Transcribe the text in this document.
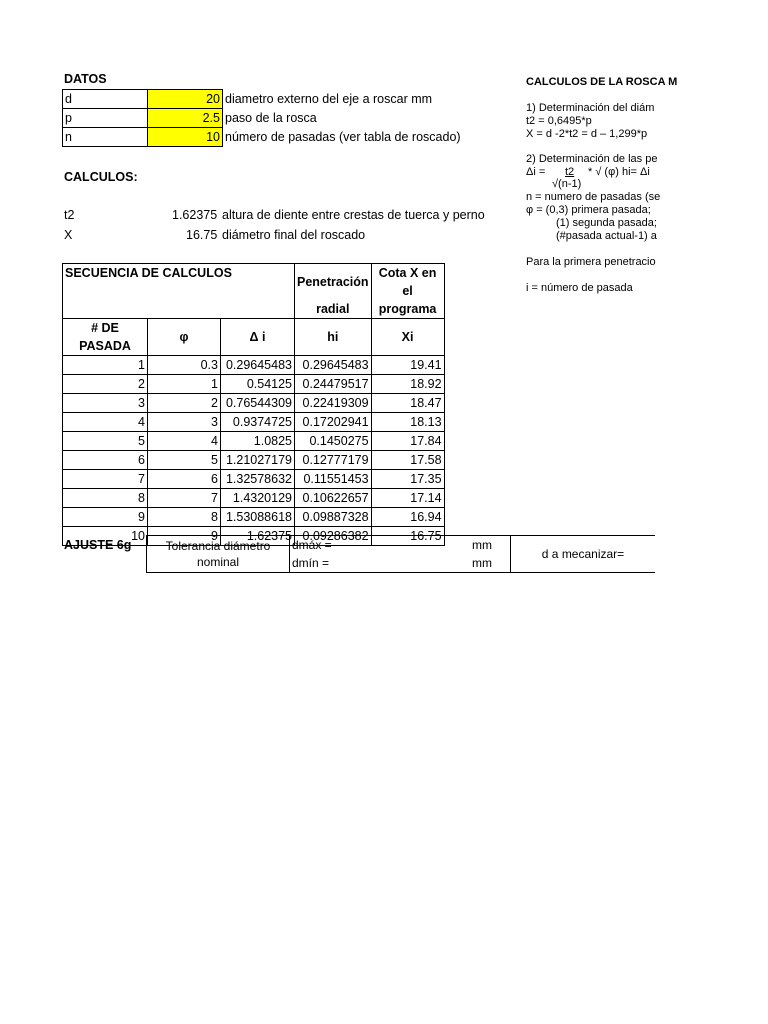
DATOS
d	20	diametro externo del eje a roscar mm
p	2.5	paso de la rosca
n	10	número de pasadas (ver tabla de roscado)
CALCULOS:
t2	1.62375 altura de diente entre crestas de tuerca y perno
X	16.75 diámetro final del roscado
CALCULOS DE LA ROSCA M
1) Determinación del diám
t2 = 0,6495*p
X = d -2*t2 = d – 1,299*p
2) Determinación de las pe
Δi = t2 * √ (φ) hi= Δi
√(n-1)
n = numero de pasadas (se
φ = (0,3) primera pasada;
(1) segunda pasada;
(#pasada actual-1) a
Para la primera penetracio
i = número de pasada
SECUENCIA DE CALCULOS			Penetración	Cota X en el
			radial	programa
# DE PASADA	φ	Δ i	hi	Xi
1	0.3	0.29645483	0.29645483	19.41
2	1	0.54125	0.24479517	18.92
3	2	0.76544309	0.22419309	18.47
4	3	0.9374725	0.17202941	18.13
5	4	1.0825	0.1450275	17.84
6	5	1.21027179	0.12777179	17.58
7	6	1.32578632	0.11551453	17.35
8	7	1.4320129	0.10622657	17.14
9	8	1.53088618	0.09887328	16.94
10	9	1.62375	0.09286382	16.75
AJUSTE 6g	Tolerancia diámetro
nominal

dmáx =	mm
dmín =	mm
	d a mecanizar=
